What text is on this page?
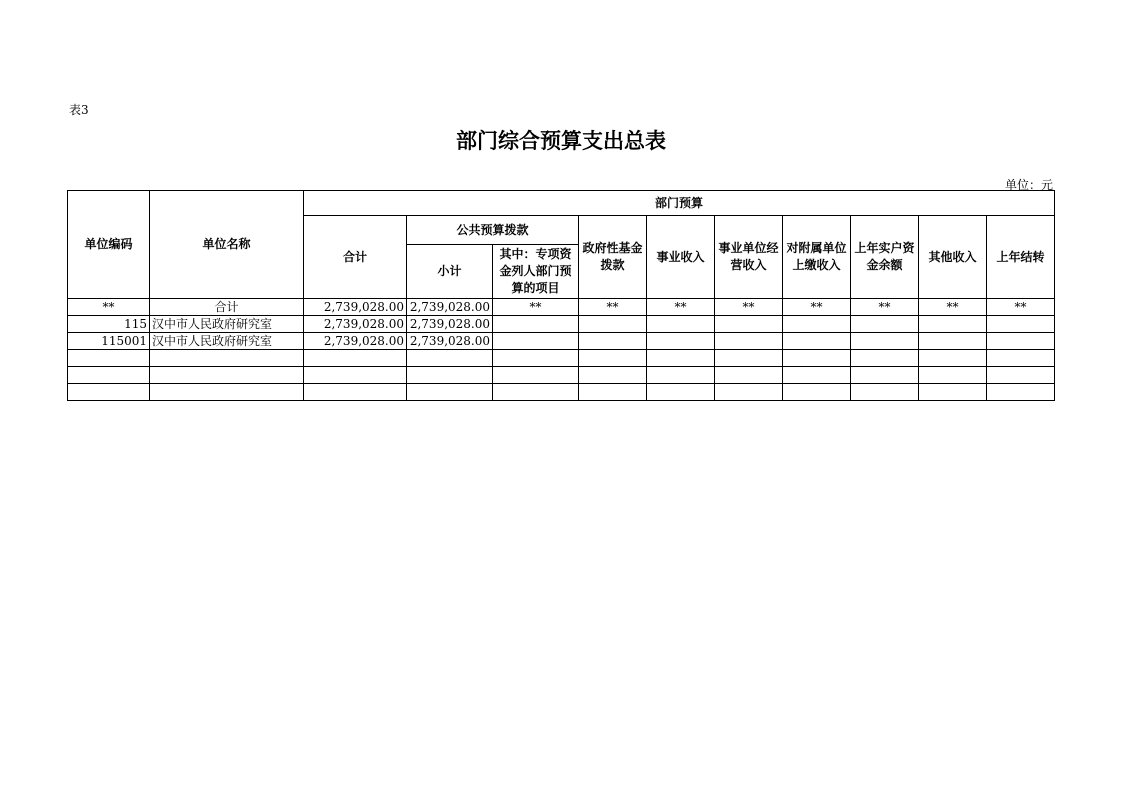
表3
部门综合预算支出总表
单位：元
单位编码	单位名称	部门预算									
		合计	公共预算拨款		政府性基金拨款	事业收入	事业单位经营收入	对附属单位上缴收入	上年实户资金余额	其他收入	上年结转
			小计	其中：专项资金列人部门预算的项目							
**	合计	2,739,028.00	2,739,028.00	**	**	**	**	**	**	**	**
115	汉中市人民政府研究室	2,739,028.00	2,739,028.00								
115001	汉中市人民政府研究室	2,739,028.00	2,739,028.00								
